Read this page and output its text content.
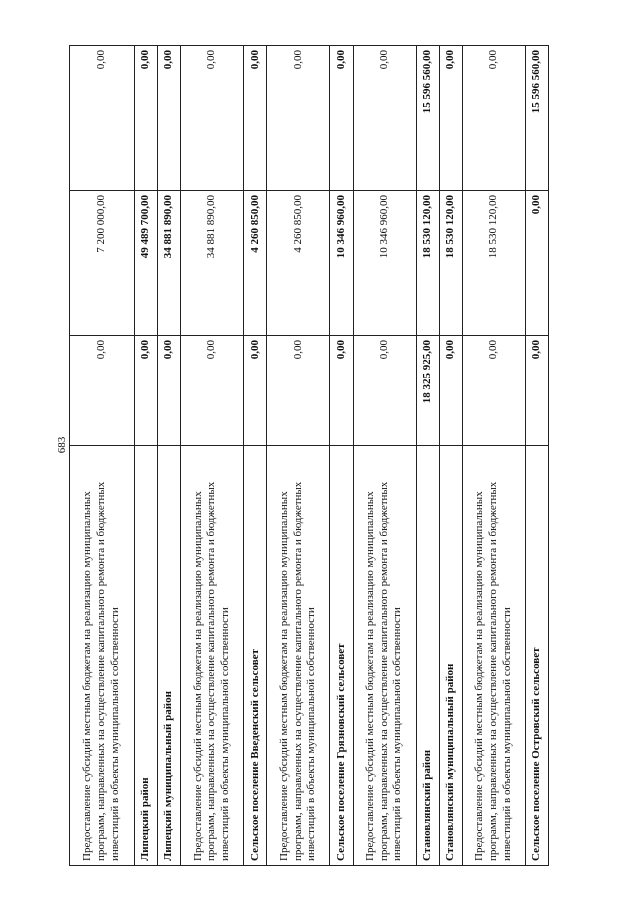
683
Предоставление субсидий местным бюджетам на реализацию муниципальных программ, направленных на осуществление капитального ремонта и бюджетных инвестиций в объекты муниципальной собственности	0,00	7 200 000,00	0,00
Липецкий район	0,00	49 489 700,00	0,00
Липецкий муниципальный район	0,00	34 881 890,00	0,00
Предоставление субсидий местным бюджетам на реализацию муниципальных программ, направленных на осуществление капитального ремонта и бюджетных инвестиций в объекты муниципальной собственности	0,00	34 881 890,00	0,00
Сельское поселение Введенский сельсовет	0,00	4 260 850,00	0,00
Предоставление субсидий местным бюджетам на реализацию муниципальных программ, направленных на осуществление капитального ремонта и бюджетных инвестиций в объекты муниципальной собственности	0,00	4 260 850,00	0,00
Сельское поселение Грязновский сельсовет	0,00	10 346 960,00	0,00
Предоставление субсидий местным бюджетам на реализацию муниципальных программ, направленных на осуществление капитального ремонта и бюджетных инвестиций в объекты муниципальной собственности	0,00	10 346 960,00	0,00
Становлянский район	18 325 925,00	18 530 120,00	15 596 560,00
Становлянский муниципальный район	0,00	18 530 120,00	0,00
Предоставление субсидий местным бюджетам на реализацию муниципальных программ, направленных на осуществление капитального ремонта и бюджетных инвестиций в объекты муниципальной собственности	0,00	18 530 120,00	0,00
Сельское поселение Островский сельсовет	0,00	0,00	15 596 560,00
